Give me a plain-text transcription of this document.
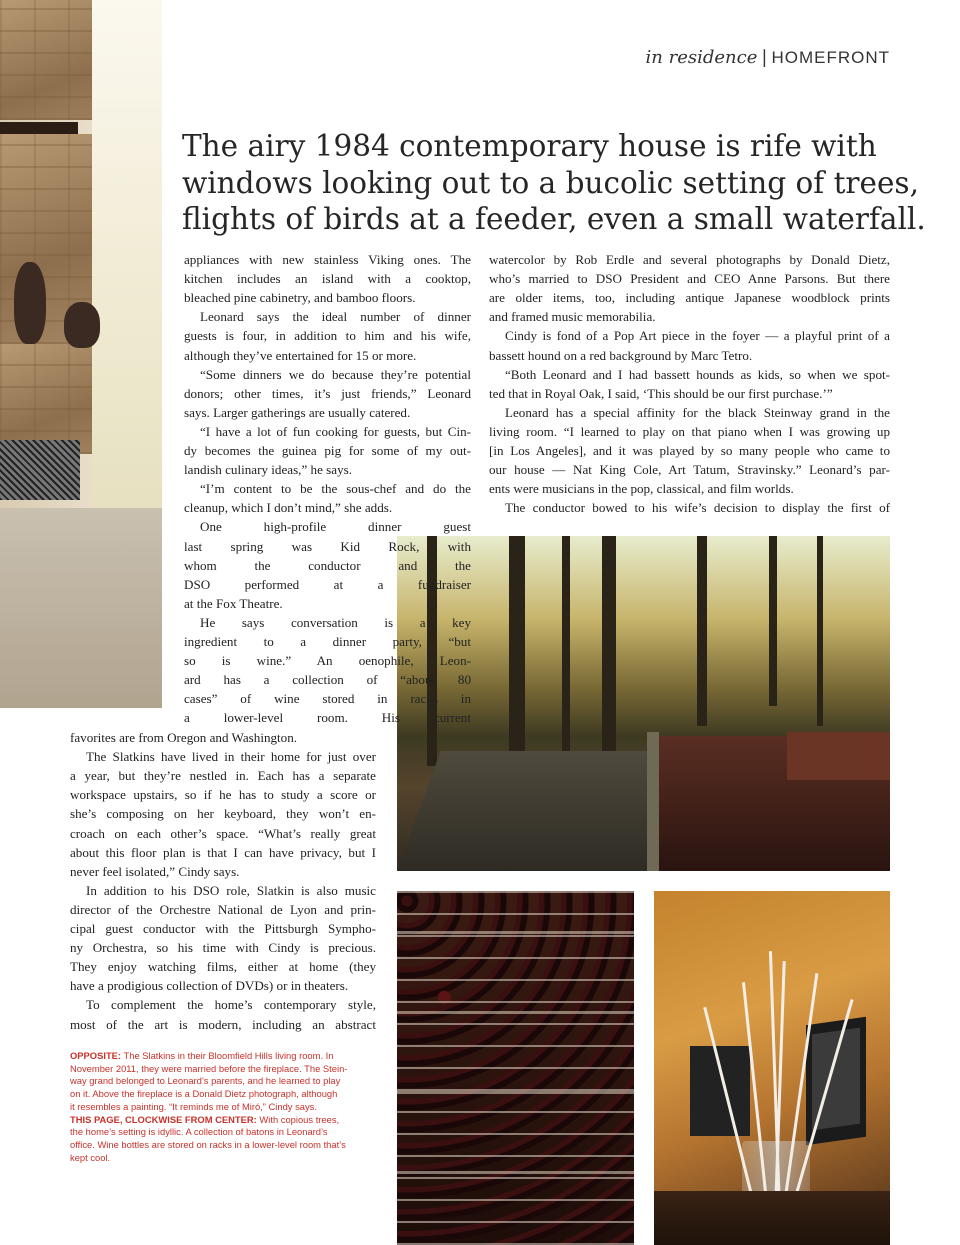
in residence | HOMEFRONT

The airy 1984 contemporary house is rife with

windows looking out to a bucolic setting of trees,

flights of birds at a feeder, even a small waterfall.

appliances with new stainless Viking ones. The
kitchen includes an island with a cooktop,
bleached pine cabinetry, and bamboo floors.
Leonard says the ideal number of dinner
guests is four, in addition to him and his wife,
although they’ve entertained for 15 or more.
“Some dinners we do because they’re potential
donors; other times, it’s just friends,” Leonard
says. Larger gatherings are usually catered.
“I have a lot of fun cooking for guests, but Cin-
dy becomes the guinea pig for some of my out-
landish culinary ideas,” he says.
“I’m content to be the sous-chef and do the
cleanup, which I don’t mind,” she adds.
One high-profile dinner guest
last spring was Kid Rock, with
whom the conductor and the
DSO performed at a fundraiser
at the Fox Theatre.
He says conversation is a key
ingredient to a dinner party, “but
so is wine.” An oenophile, Leon-
ard has a collection of “about 80
cases” of wine stored in racks in
a lower-level room. His current
favorites are from Oregon and Washington.
The Slatkins have lived in their home for just over
a year, but they’re nestled in. Each has a separate
workspace upstairs, so if he has to study a score or
she’s composing on her keyboard, they won’t en-
croach on each other’s space. “What’s really great
about this floor plan is that I can have privacy, but I
never feel isolated,” Cindy says.
In addition to his DSO role, Slatkin is also music
director of the Orchestre National de Lyon and prin-
cipal guest conductor with the Pittsburgh Sympho-
ny Orchestra, so his time with Cindy is precious.
They enjoy watching films, either at home (they
have a prodigious collection of DVDs) or in theaters.
To complement the home’s contemporary style,
most of the art is modern, including an abstract
watercolor by Rob Erdle and several photographs by Donald Dietz,
who’s married to DSO President and CEO Anne Parsons. But there
are older items, too, including antique Japanese woodblock prints
and framed music memorabilia.
Cindy is fond of a Pop Art piece in the foyer — a playful print of a
bassett hound on a red background by Marc Tetro.
“Both Leonard and I had bassett hounds as kids, so when we spot-
ted that in Royal Oak, I said, ‘This should be our first purchase.’”
Leonard has a special affinity for the black Steinway grand in the
living room. “I learned to play on that piano when I was growing up
[in Los Angeles], and it was played by so many people who came to
our house — Nat King Cole, Art Tatum, Stravinsky.” Leonard’s par-
ents were musicians in the pop, classical, and film worlds.
The conductor bowed to his wife’s decision to display the first of

OPPOSITE: The Slatkins in their Bloomfield Hills living room. In

November 2011, they were married before the fireplace. The Stein-

way grand belonged to Leonard’s parents, and he learned to play

on it. Above the fireplace is a Donald Dietz photograph, although

it resembles a painting. “It reminds me of Miró,” Cindy says.

THIS PAGE, CLOCKWISE FROM CENTER: With copious trees,

the home’s setting is idyllic. A collection of batons in Leonard’s

office. Wine bottles are stored on racks in a lower-level room that’s

kept cool.
